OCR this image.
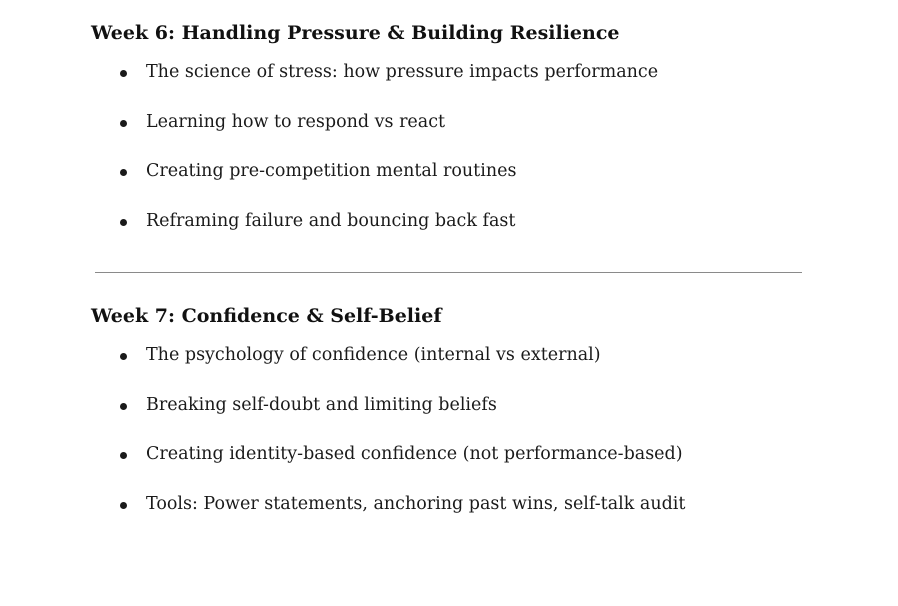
Week 6: Handling Pressure & Building Resilience
The science of stress: how pressure impacts performance
Learning how to respond vs react
Creating pre-competition mental routines
Reframing failure and bouncing back fast
Week 7: Confidence & Self-Belief
The psychology of confidence (internal vs external)
Breaking self-doubt and limiting beliefs
Creating identity-based confidence (not performance-based)
Tools: Power statements, anchoring past wins, self-talk audit
